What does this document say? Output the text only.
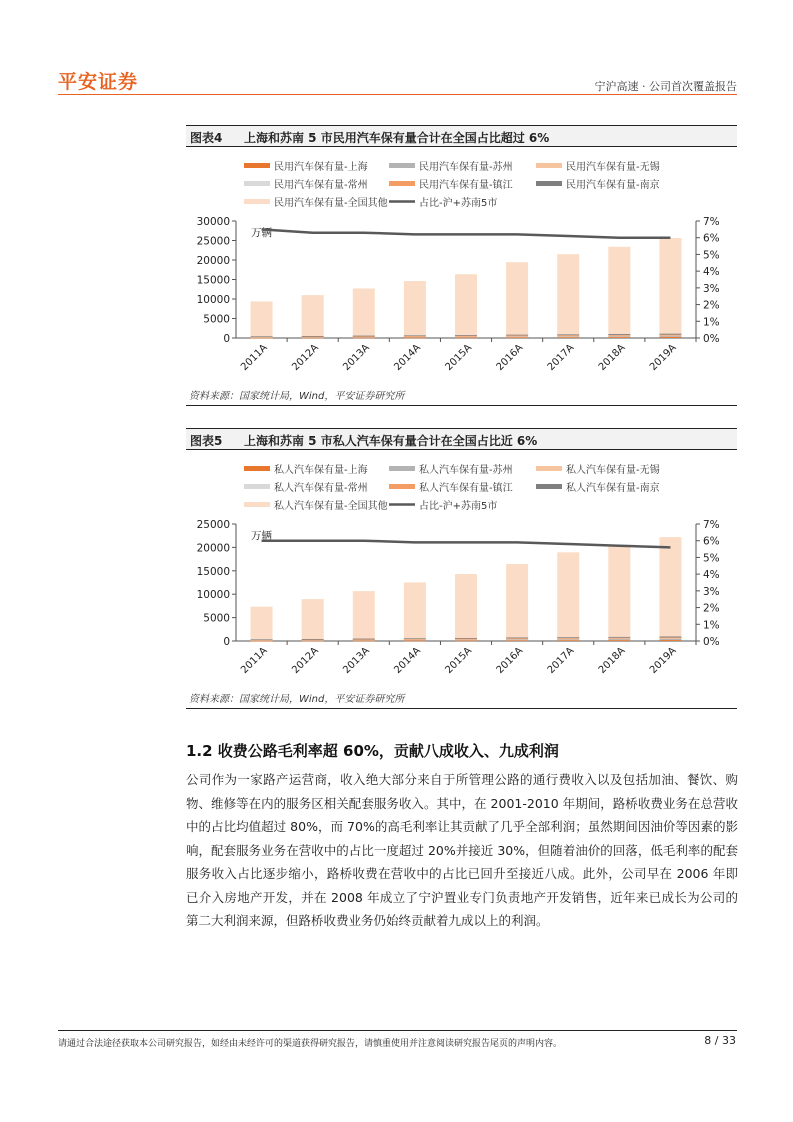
平安证券	宁沪高速 · 公司首次覆盖报告
图表4 上海和苏南 5 市民用汽车保有量合计在全国占比超过 6%
民用汽车保有量-上海	民用汽车保有量-苏州	民用汽车保有量-无锡
民用汽车保有量-常州	民用汽车保有量-镇江	民用汽车保有量-南京
民用汽车保有量-全国其他	占比-沪+苏南5市
0
5000
10000
15000
20000
25000
30000
0%
1%
2%
3%
4%
5%
6%
7%
万辆
2011A 2012A 2013A 2014A 2015A 2016A 2017A 2018A 2019A
资料来源：国家统计局，Wind，平安证券研究所
图表5 上海和苏南 5 市私人汽车保有量合计在全国占比近 6%
私人汽车保有量-上海	私人汽车保有量-苏州	私人汽车保有量-无锡
私人汽车保有量-常州	私人汽车保有量-镇江	私人汽车保有量-南京
私人汽车保有量-全国其他	占比-沪+苏南5市
0
5000
10000
15000
20000
25000
0%
1%
2%
3%
4%
5%
6%
7%
万辆
2011A 2012A 2013A 2014A 2015A 2016A 2017A 2018A 2019A
资料来源：国家统计局，Wind，平安证券研究所
1.2 收费公路毛利率超 60%，贡献八成收入、九成利润
公司作为一家路产运营商，收入绝大部分来自于所管理公路的通行费收入以及包括加油、餐饮、购物、维修等在内的服务区相关配套服务收入。其中，在 2001-2010 年期间，路桥收费业务在总营收中的占比均值超过 80%，而 70%的高毛利率让其贡献了几乎全部利润；虽然期间因油价等因素的影响，配套服务业务在营收中的占比一度超过 20%并接近 30%，但随着油价的回落，低毛利率的配套服务收入占比逐步缩小，路桥收费在营收中的占比已回升至接近八成。此外，公司早在 2006 年即已介入房地产开发，并在 2008 年成立了宁沪置业专门负责地产开发销售，近年来已成长为公司的第二大利润来源，但路桥收费业务仍始终贡献着九成以上的利润。
请通过合法途径获取本公司研究报告，如经由未经许可的渠道获得研究报告，请慎重使用并注意阅读研究报告尾页的声明内容。	8 / 33
